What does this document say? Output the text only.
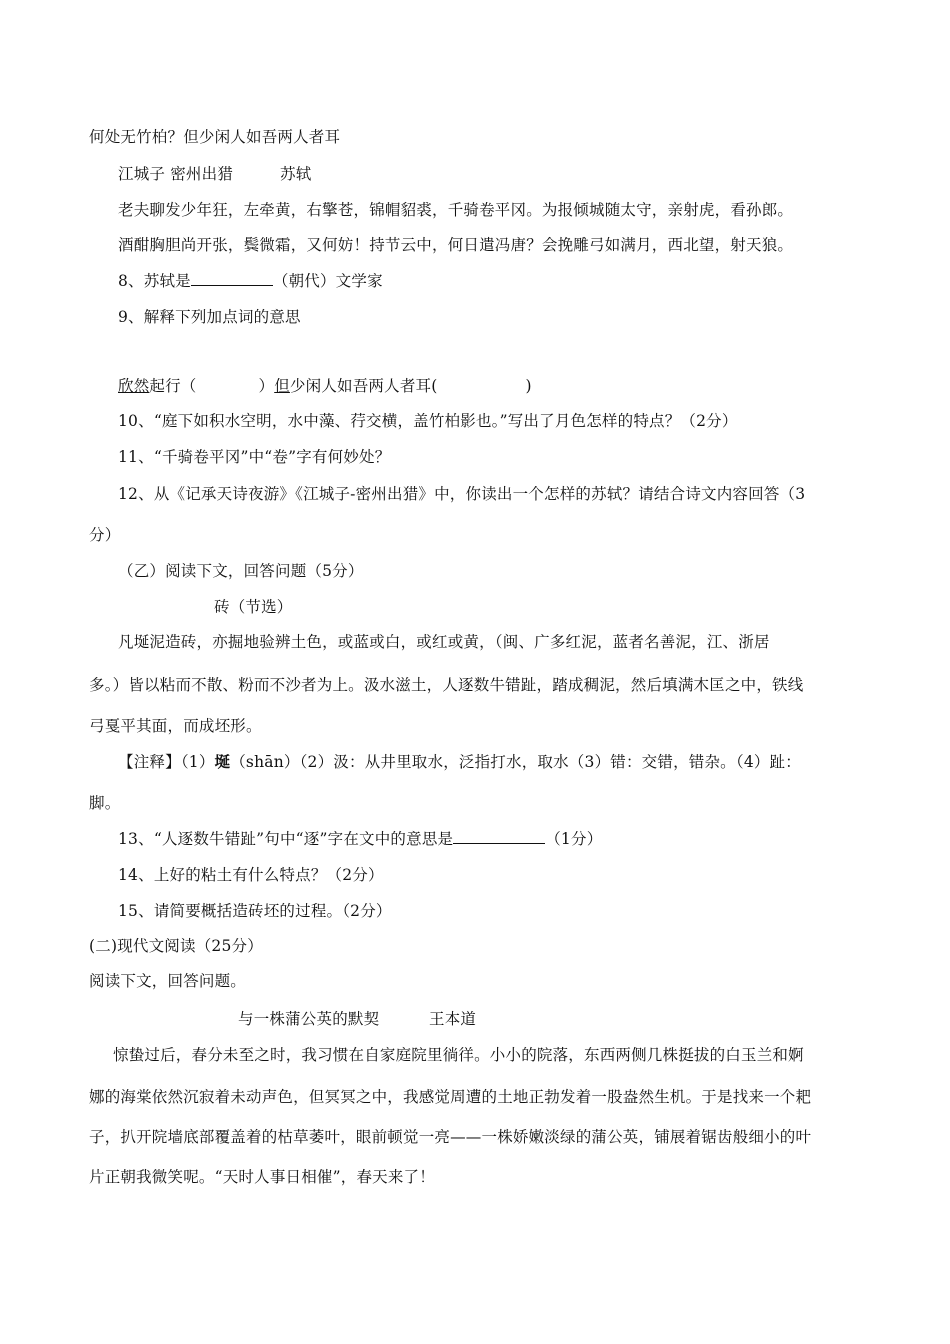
何处无竹柏？但少闲人如吾两人者耳
江城子 密州出猎	苏轼
老夫聊发少年狂，左牵黄，右擎苍，锦帽貂裘，千骑卷平冈。为报倾城随太守，亲射虎，看孙郎。
酒酣胸胆尚开张，鬓微霜，又何妨！持节云中，何日遣冯唐？会挽雕弓如满月，西北望，射天狼。
8、苏轼是	（朝代）文学家
9、解释下列加点词的意思
欣然起行（	）但少闲人如吾两人者耳(	)
10、“庭下如积水空明，水中藻、荇交横，盖竹柏影也。”写出了月色怎样的特点？（2分）
11、“千骑卷平冈”中“卷”字有何妙处？
12、从《记承天诗夜游》《江城子-密州出猎》中，你读出一个怎样的苏轼？请结合诗文内容回答（3
分）
（乙）阅读下文，回答问题（5分）
砖（节选）
凡埏泥造砖，亦掘地验辨土色，或蓝或白，或红或黄，（闽、广多红泥，蓝者名善泥，江、浙居
多。）皆以粘而不散、粉而不沙者为上。汲水滋土，人逐数牛错趾，踏成稠泥，然后填满木匡之中，铁线
弓戛平其面，而成坯形。
【注释】（1）埏（shān）（2）汲：从井里取水，泛指打水，取水（3）错：交错，错杂。（4）趾：
脚。
13、“人逐数牛错趾”句中“逐”字在文中的意思是	（1分）
14、上好的粘土有什么特点？（2分）
15、请简要概括造砖坯的过程。（2分）
(二)现代文阅读（25分）
阅读下文，回答问题。
与一株蒲公英的默契	王本道
惊蛰过后，春分未至之时，我习惯在自家庭院里徜徉。小小的院落，东西两侧几株挺拔的白玉兰和婀
娜的海棠依然沉寂着未动声色，但冥冥之中，我感觉周遭的土地正勃发着一股盎然生机。于是找来一个耙
子，扒开院墙底部覆盖着的枯草萎叶，眼前顿觉一亮——一株娇嫩淡绿的蒲公英，铺展着锯齿般细小的叶
片正朝我微笑呢。“天时人事日相催”，春天来了！
